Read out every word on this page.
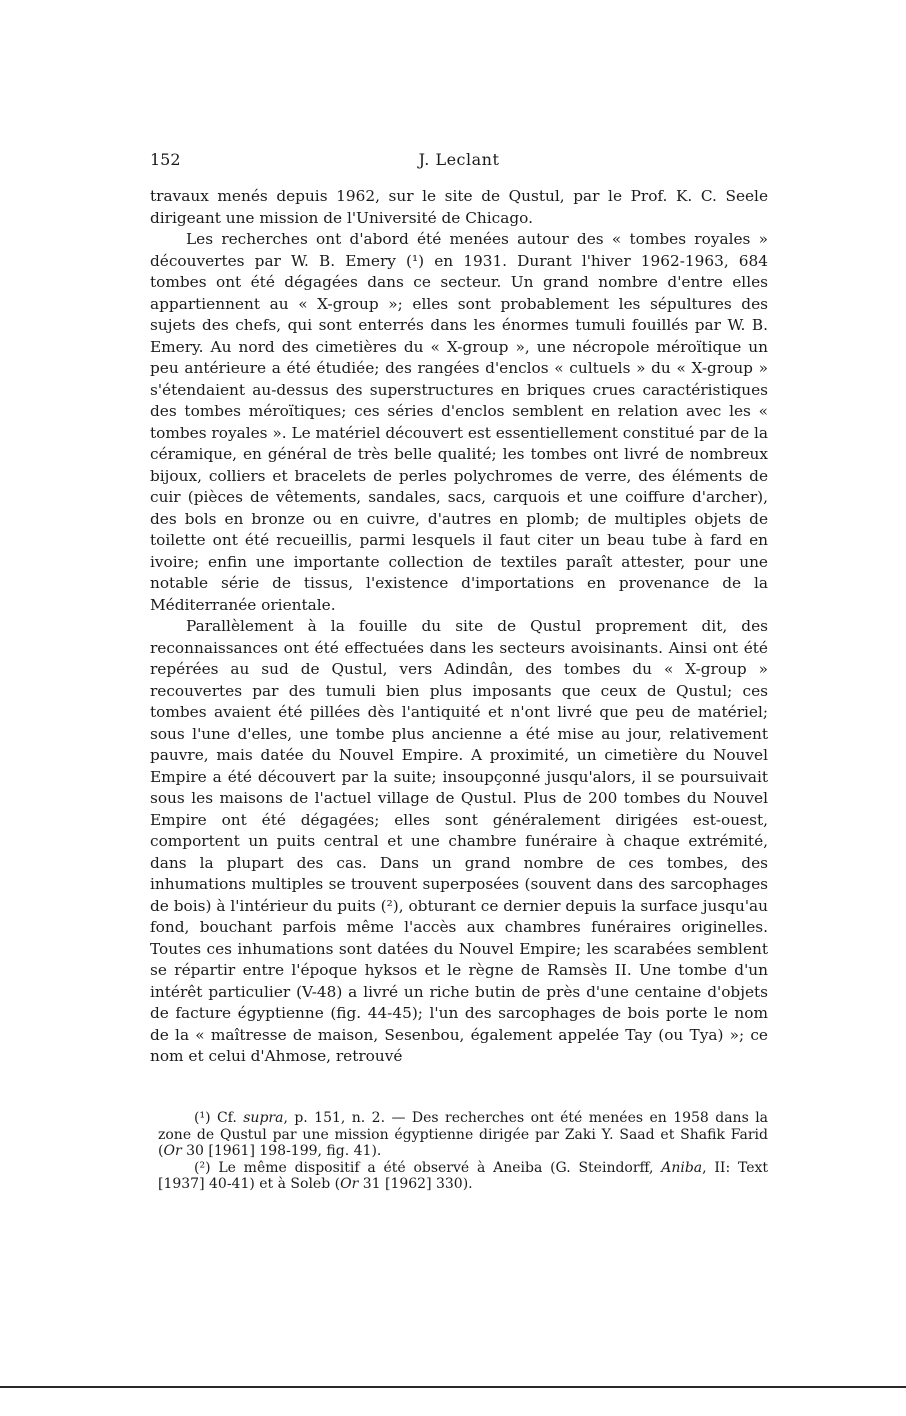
152	J. Leclant

travaux menés depuis 1962, sur le site de Qustul, par le Prof. K. C. Seele dirigeant une mission de l'Université de Chicago.

Les recherches ont d'abord été menées autour des « tombes royales » découvertes par W. B. Emery (¹) en 1931. Durant l'hiver 1962-1963, 684 tombes ont été dégagées dans ce secteur. Un grand nombre d'entre elles appartiennent au « X-group »; elles sont probablement les sépultures des sujets des chefs, qui sont enterrés dans les énormes tumuli fouillés par W. B. Emery. Au nord des cimetières du « X-group », une nécropole méroïtique un peu antérieure a été étudiée; des rangées d'enclos « cultuels » du « X-group » s'étendaient au-dessus des superstructures en briques crues caractéristiques des tombes méroïtiques; ces séries d'enclos semblent en relation avec les « tombes royales ». Le matériel découvert est essentiellement constitué par de la céramique, en général de très belle qualité; les tombes ont livré de nombreux bijoux, colliers et bracelets de perles polychromes de verre, des éléments de cuir (pièces de vêtements, sandales, sacs, carquois et une coiffure d'archer), des bols en bronze ou en cuivre, d'autres en plomb; de multiples objets de toilette ont été recueillis, parmi lesquels il faut citer un beau tube à fard en ivoire; enfin une importante collection de textiles paraît attester, pour une notable série de tissus, l'existence d'importations en provenance de la Méditerranée orientale.

Parallèlement à la fouille du site de Qustul proprement dit, des reconnaissances ont été effectuées dans les secteurs avoisinants. Ainsi ont été repérées au sud de Qustul, vers Adindân, des tombes du « X-group » recouvertes par des tumuli bien plus imposants que ceux de Qustul; ces tombes avaient été pillées dès l'antiquité et n'ont livré que peu de matériel; sous l'une d'elles, une tombe plus ancienne a été mise au jour, relativement pauvre, mais datée du Nouvel Empire. A proximité, un cimetière du Nouvel Empire a été découvert par la suite; insoupçonné jusqu'alors, il se poursuivait sous les maisons de l'actuel village de Qustul. Plus de 200 tombes du Nouvel Empire ont été dégagées; elles sont généralement dirigées est-ouest, comportent un puits central et une chambre funéraire à chaque extrémité, dans la plupart des cas. Dans un grand nombre de ces tombes, des inhumations multiples se trouvent superposées (souvent dans des sarcophages de bois) à l'intérieur du puits (²), obturant ce dernier depuis la surface jusqu'au fond, bouchant parfois même l'accès aux chambres funéraires originelles. Toutes ces inhumations sont datées du Nouvel Empire; les scarabées semblent se répartir entre l'époque hyksos et le règne de Ramsès II. Une tombe d'un intérêt particulier (V-48) a livré un riche butin de près d'une centaine d'objets de facture égyptienne (fig. 44-45); l'un des sarcophages de bois porte le nom de la « maîtresse de maison, Sesenbou, également appelée Tay (ou Tya) »; ce nom et celui d'Ahmose, retrouvé

(¹) Cf. supra, p. 151, n. 2. — Des recherches ont été menées en 1958 dans la zone de Qustul par une mission égyptienne dirigée par Zaki Y. Saad et Shafik Farid (Or 30 [1961] 198-199, fig. 41).

(²) Le même dispositif a été observé à Aneiba (G. Steindorff, Aniba, II: Text [1937] 40-41) et à Soleb (Or 31 [1962] 330).
